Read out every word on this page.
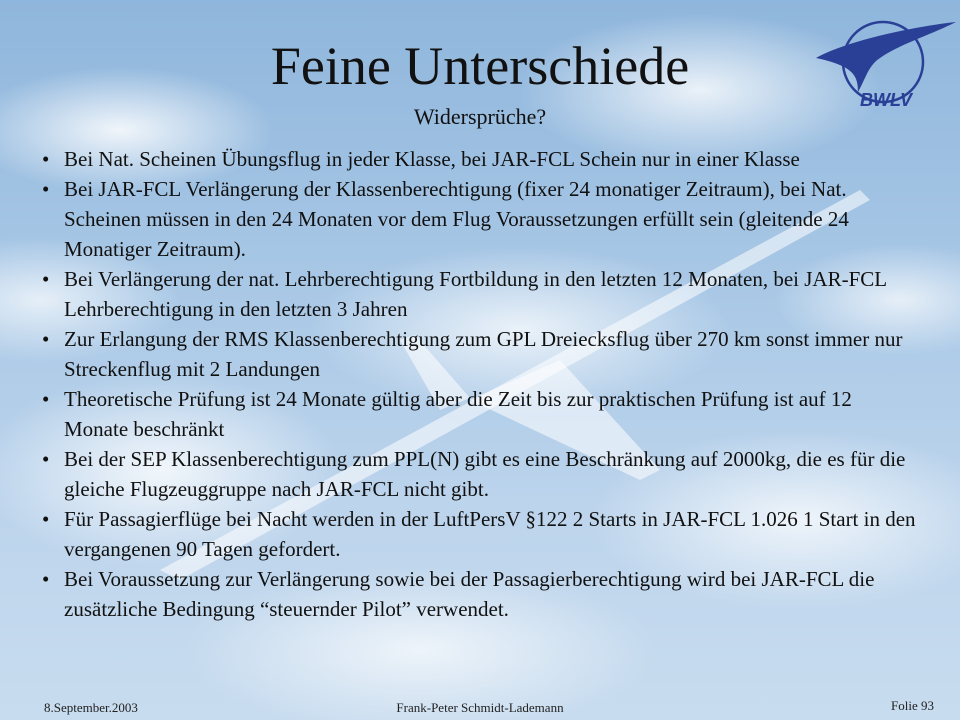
BWLV
Feine Unterschiede
Widersprüche?
• Bei Nat. Scheinen Übungsflug in jeder Klasse, bei JAR-FCL Schein nur in einer Klasse
• Bei JAR-FCL Verlängerung der Klassenberechtigung (fixer 24 monatiger Zeitraum), bei Nat. Scheinen müssen in den 24 Monaten vor dem Flug Voraussetzungen erfüllt sein (gleitende 24 Monatiger Zeitraum).
• Bei Verlängerung der nat. Lehrberechtigung Fortbildung in den letzten 12 Monaten, bei JAR-FCL Lehrberechtigung in den letzten 3 Jahren
• Zur Erlangung der RMS Klassenberechtigung zum GPL Dreiecksflug über 270 km sonst immer nur Streckenflug mit 2 Landungen
• Theoretische Prüfung ist 24 Monate gültig aber die Zeit bis zur praktischen Prüfung ist auf 12 Monate beschränkt
• Bei der SEP Klassenberechtigung zum PPL(N) gibt es eine Beschränkung auf 2000kg, die es für die gleiche Flugzeuggruppe nach JAR-FCL nicht gibt.
• Für Passagierflüge bei Nacht werden in der LuftPersV §122 2 Starts in JAR-FCL 1.026 1 Start in den vergangenen 90 Tagen gefordert.
• Bei Voraussetzung zur Verlängerung sowie bei der Passagierberechtigung wird bei JAR-FCL die zusätzliche Bedingung “steuernder Pilot” verwendet.
8.September.2003	Frank-Peter Schmidt-Lademann	Folie 93
